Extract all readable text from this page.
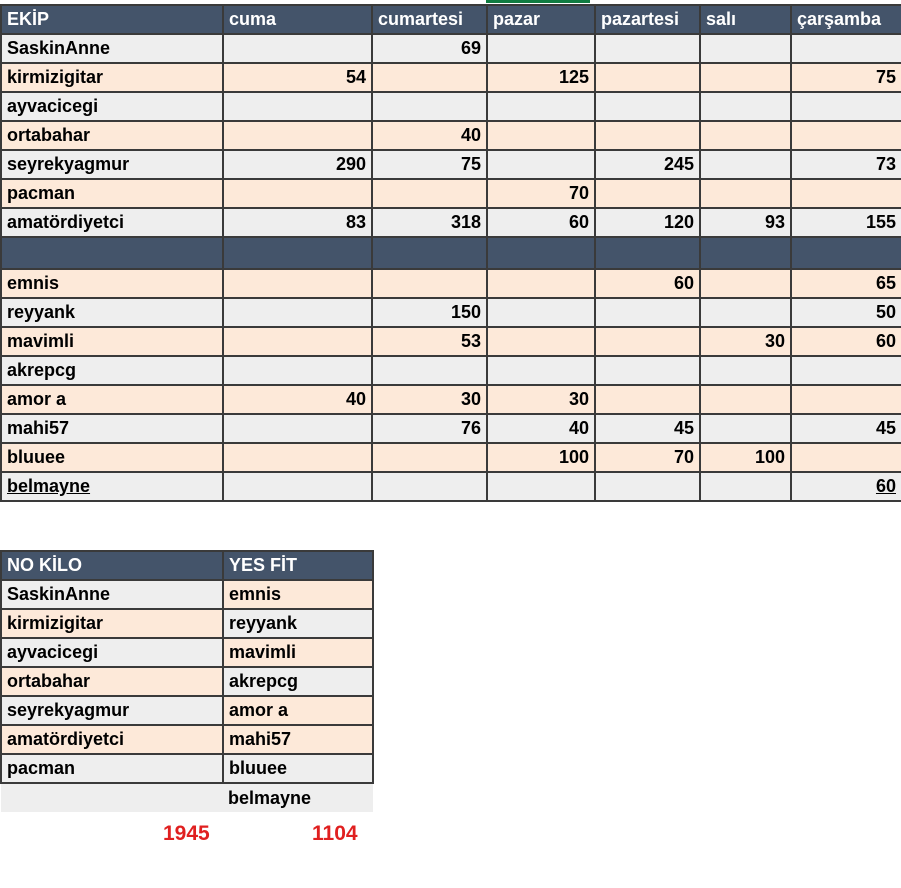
EKİP	cuma	cumartesi	pazar	pazartesi	salı	çarşamba
SaskinAnne		69				
kirmizigitar	54		125			75
ayvacicegi						
ortabahar		40				
seyrekyagmur	290	75		245		73
pacman			70			
amatördiyetci	83	318	60	120	93	155

emnis				60		65
reyyank		150				50
mavimli		53			30	60
akrepcg						
amor a	40	30	30			
mahi57		76	40	45		45
bluuee			100	70	100	
belmayne						60
NO KİLO	YES FİT
SaskinAnne	emnis
kirmizigitar	reyyank
ayvacicegi	mavimli
ortabahar	akrepcg
seyrekyagmur	amor a
amatördiyetci	mahi57
pacman	bluuee
	belmayne
1945	1104
